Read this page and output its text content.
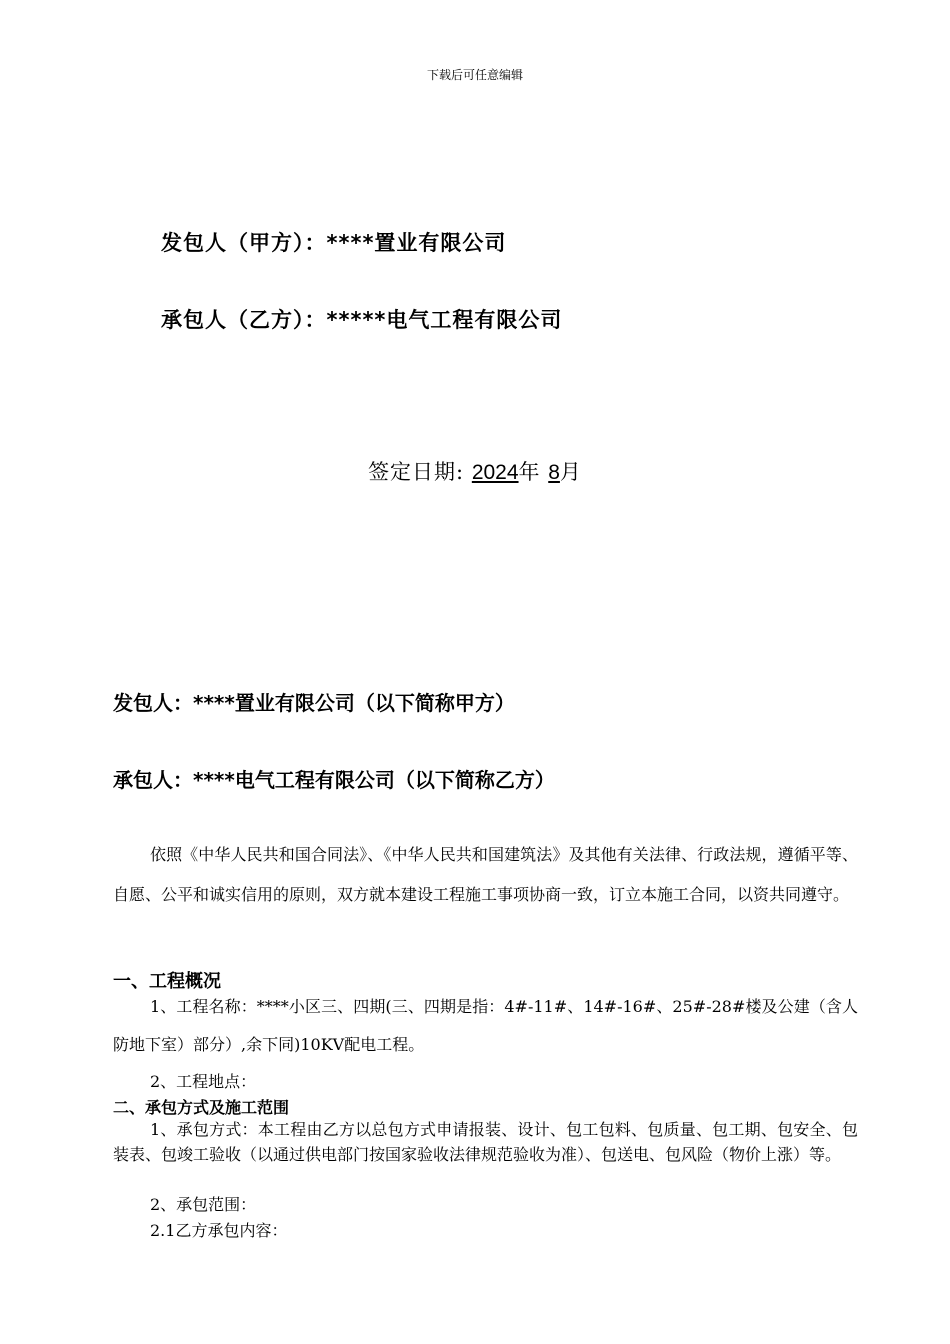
下载后可任意编辑
发包人（甲方）：****置业有限公司
承包人（乙方）：*****电气工程有限公司
签定日期: 2024年 8月
发包人：****置业有限公司（以下简称甲方）
承包人：****电气工程有限公司（以下简称乙方）

依照《中华人民共和国合同法》、《中华人民共和国建筑法》及其他有关法律、行政法规，遵循平等、自愿、公平和诚实信用的原则，双方就本建设工程施工事项协商一致，订立本施工合同，以资共同遵守。

一、工程概况

1、工程名称：****小区三、四期(三、四期是指：4#-11#、14#-16#、25#-28#楼及公建（含人防地下室）部分）,余下同)10KV配电工程。

2、工程地点：
二、承包方式及施工范围

1、承包方式：本工程由乙方以总包方式申请报装、设计、包工包料、包质量、包工期、包安全、包装表、包竣工验收（以通过供电部门按国家验收法律规范验收为准）、包送电、包风险（物价上涨）等。

2、承包范围：
2.1乙方承包内容：
